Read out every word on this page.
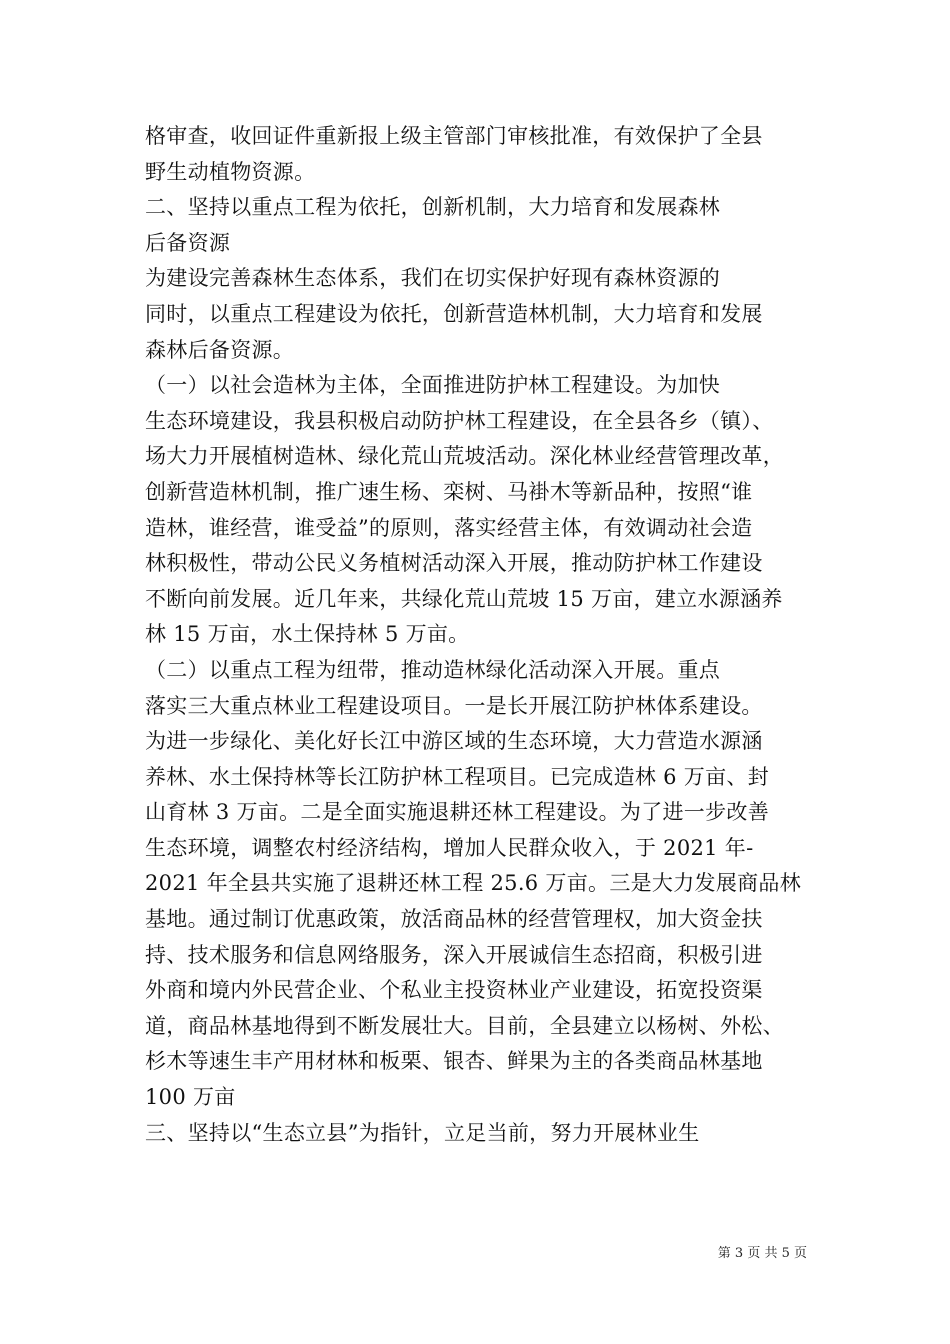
格审查，收回证件重新报上级主管部门审核批准，有效保护了全县

野生动植物资源。

二、坚持以重点工程为依托，创新机制，大力培育和发展森林

后备资源

为建设完善森林生态体系，我们在切实保护好现有森林资源的

同时，以重点工程建设为依托，创新营造林机制，大力培育和发展

森林后备资源。

（一）以社会造林为主体，全面推进防护林工程建设。为加快

生态环境建设，我县积极启动防护林工程建设，在全县各乡（镇）、

场大力开展植树造林、绿化荒山荒坡活动。深化林业经营管理改革，

创新营造林机制，推广速生杨、栾树、马褂木等新品种，按照“谁

造林，谁经营，谁受益”的原则，落实经营主体，有效调动社会造

林积极性，带动公民义务植树活动深入开展，推动防护林工作建设

不断向前发展。近几年来，共绿化荒山荒坡 15 万亩，建立水源涵养

林 15 万亩，水土保持林 5 万亩。

（二）以重点工程为纽带，推动造林绿化活动深入开展。重点

落实三大重点林业工程建设项目。一是长开展江防护林体系建设。

为进一步绿化、美化好长江中游区域的生态环境，大力营造水源涵

养林、水土保持林等长江防护林工程项目。已完成造林 6 万亩、封

山育林 3 万亩。二是全面实施退耕还林工程建设。为了进一步改善

生态环境，调整农村经济结构，增加人民群众收入，于 2021 年-

2021 年全县共实施了退耕还林工程 25.6 万亩。三是大力发展商品林

基地。通过制订优惠政策，放活商品林的经营管理权，加大资金扶

持、技术服务和信息网络服务，深入开展诚信生态招商，积极引进

外商和境内外民营企业、个私业主投资林业产业建设，拓宽投资渠

道，商品林基地得到不断发展壮大。目前，全县建立以杨树、外松、

杉木等速生丰产用材林和板栗、银杏、鲜果为主的各类商品林基地

100 万亩

三、坚持以“生态立县”为指针，立足当前，努力开展林业生

第 3 页 共 5 页
